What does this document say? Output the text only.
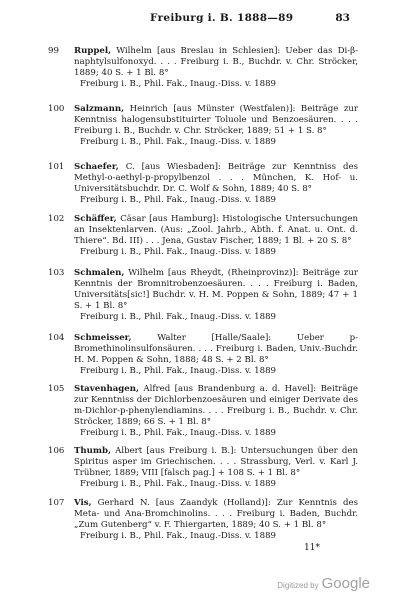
Freiburg i. B. 1888—89	83
99	Ruppel, Wilhelm [aus Breslau in Schlesien]: Ueber das Di-β-naphtylsulfonoxyd. . . . Freiburg i. B., Buchdr. v. Chr. Ströcker, 1889; 40 S. + 1 Bl. 8°
Freiburg i. B., Phil. Fak., Inaug.-Diss. v. 1889
100	Salzmann, Heinrich [aus Münster (Westfalen)]: Beiträge zur Kenntniss halogensubstituirter Toluole und Benzoesäuren. . . . Freiburg i. B., Buchdr. v. Chr. Ströcker, 1889; 51 + 1 S. 8°
Freiburg i. B., Phil. Fak., Inaug.-Diss. v. 1889
101	Schaefer, C. [aus Wiesbaden]: Beiträge zur Kenntniss des Methyl-o-aethyl-p-propylbenzol . . . München, K. Hof- u. Universitätsbuchdr. Dr. C. Wolf & Sohn, 1889; 40 S. 8°
Freiburg i. B., Phil. Fak., Inaug.-Diss. v. 1889
102	Schäffer, Cäsar [aus Hamburg]: Histologische Untersuchungen an Insektenlarven. (Aus: „Zool. Jahrb., Abth. f. Anat. u. Ont. d. Thiere“. Bd. III) . . . Jena, Gustav Fischer, 1889; 1 Bl. + 20 S. 8°
Freiburg i. B., Phil. Fak., Inaug.-Diss. v. 1889
103	Schmalen, Wilhelm [aus Rheydt, (Rheinprovinz)]: Beiträge zur Kenntnis der Bromnitrobenzoesäuren. . . . Freiburg i. Baden, Universitäts[sic!] Buchdr. v. H. M. Poppen & Sohn, 1889; 47 + 1 S. + 1 Bl. 8°
Freiburg i. B., Phil. Fak., Inaug.-Diss. v. 1889
104	Schmeisser,	Walter [Halle/Saale]: Ueber p-Bromethinolinsulfonsäuren. . . . Freiburg i. Baden, Univ.-Buchdr. H. M. Poppen & Sohn, 1888; 48 S. + 2 Bl. 8°
Freiburg i. B., Phil. Fak., Inaug.-Diss. v. 1889
105	Stavenhagen, Alfred [aus Brandenburg a. d. Havel]: Beiträge zur Kenntniss der Dichlorbenzoesäuren und einiger Derivate des m-Dichlor-p-phenylendiamins. . . . Freiburg i. B., Buchdr. v. Chr. Ströcker, 1889; 66 S. + 1 Bl. 8°
Freiburg i. B., Phil. Fak., Inaug.-Diss. v. 1889
106	Thumb, Albert [aus Freiburg i. B.]: Untersuchungen über den Spiritus asper im Griechischen. . . . Strassburg, Verl. v. Karl J. Trübner, 1889; VIII [falsch pag.] + 108 S. + 1 Bl. 8°
Freiburg i. B., Phil. Fak., Inaug.-Diss. v. 1889
107	Vis, Gerhard N. [aus Zaandyk (Holland)]: Zur Kenntnis des Meta- und Ana-Bromchinolins. . . . Freiburg i. Baden, Buchdr. „Zum Gutenberg“ v. F. Thiergarten, 1889; 40 S. + 1 Bl. 8°
Freiburg i. B., Phil. Fak., Inaug.-Diss. v. 1889
11*
Digitized by Google
